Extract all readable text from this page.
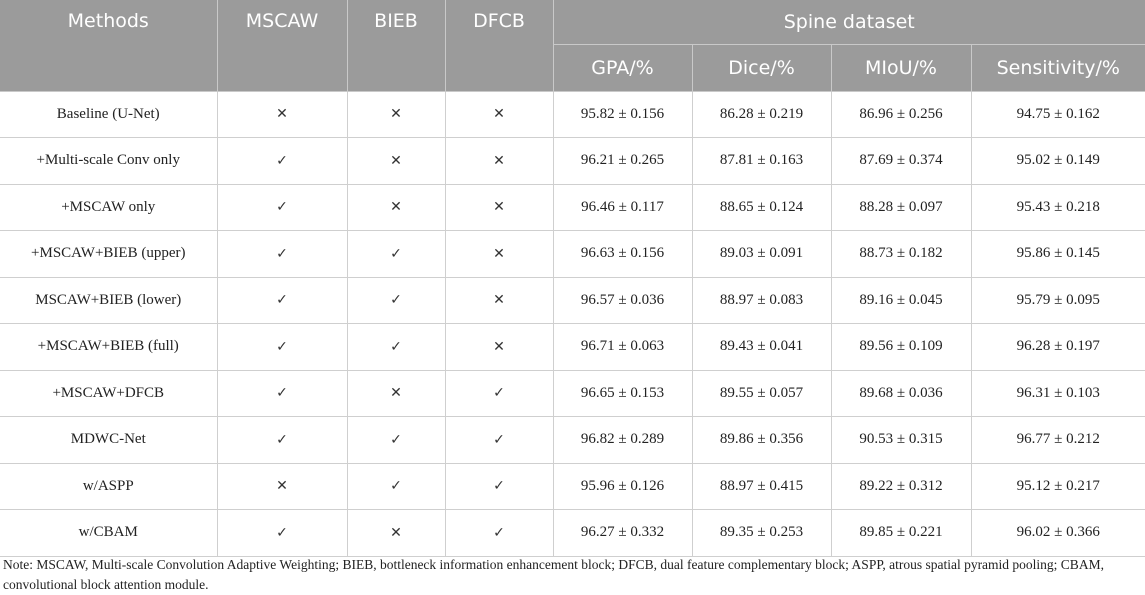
Methods	MSCAW	BIEB	DFCB	Spine dataset			
				GPA/%	Dice/%	MIoU/%	Sensitivity/%
Baseline (U-Net)	✕	✕	✕	95.82 ± 0.156	86.28 ± 0.219	86.96 ± 0.256	94.75 ± 0.162
+Multi-scale Conv only	✓	✕	✕	96.21 ± 0.265	87.81 ± 0.163	87.69 ± 0.374	95.02 ± 0.149
+MSCAW only	✓	✕	✕	96.46 ± 0.117	88.65 ± 0.124	88.28 ± 0.097	95.43 ± 0.218
+MSCAW+BIEB (upper)	✓	✓	✕	96.63 ± 0.156	89.03 ± 0.091	88.73 ± 0.182	95.86 ± 0.145
MSCAW+BIEB (lower)	✓	✓	✕	96.57 ± 0.036	88.97 ± 0.083	89.16 ± 0.045	95.79 ± 0.095
+MSCAW+BIEB (full)	✓	✓	✕	96.71 ± 0.063	89.43 ± 0.041	89.56 ± 0.109	96.28 ± 0.197
+MSCAW+DFCB	✓	✕	✓	96.65 ± 0.153	89.55 ± 0.057	89.68 ± 0.036	96.31 ± 0.103
MDWC-Net	✓	✓	✓	96.82 ± 0.289	89.86 ± 0.356	90.53 ± 0.315	96.77 ± 0.212
w/ASPP	✕	✓	✓	95.96 ± 0.126	88.97 ± 0.415	89.22 ± 0.312	95.12 ± 0.217
w/CBAM	✓	✕	✓	96.27 ± 0.332	89.35 ± 0.253	89.85 ± 0.221	96.02 ± 0.366
Note: MSCAW, Multi-scale Convolution Adaptive Weighting; BIEB, bottleneck information enhancement block; DFCB, dual feature complementary block; ASPP, atrous spatial pyramid pooling; CBAM, convolutional block attention module.
